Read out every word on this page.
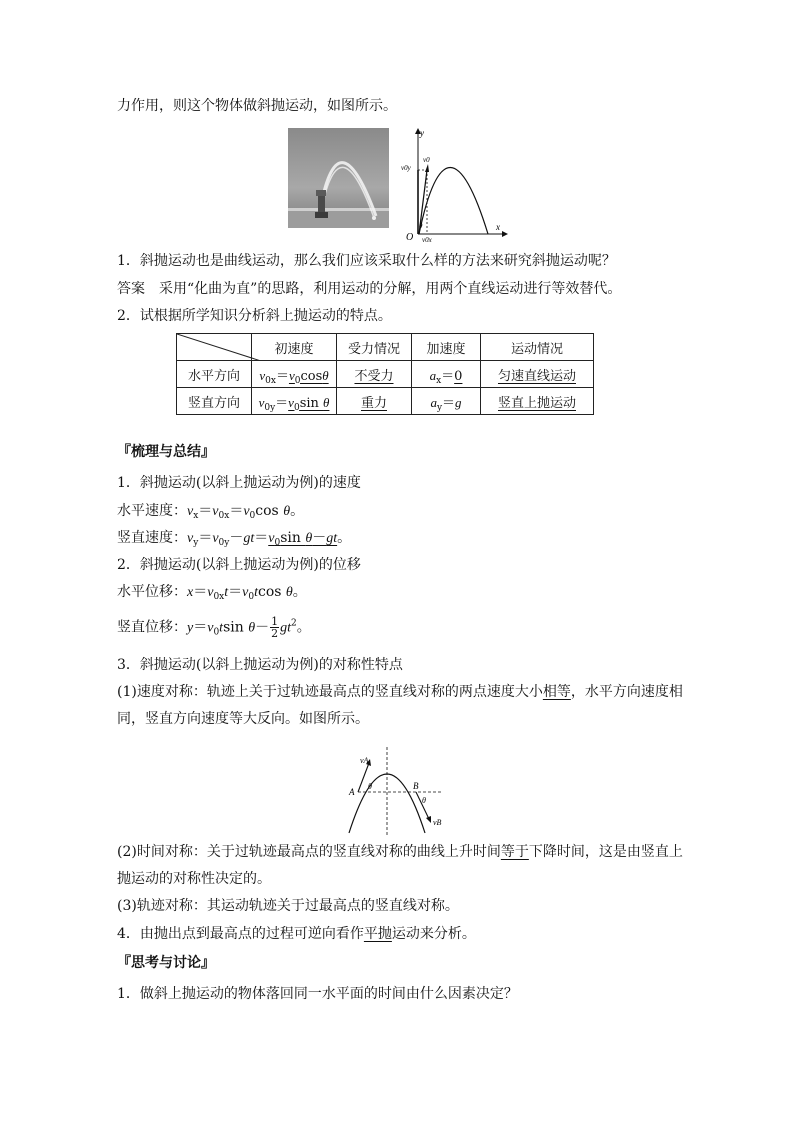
力作用，则这个物体做斜抛运动，如图所示。
y
x
O
v0
v0y
v0x
θ
1．斜抛运动也是曲线运动，那么我们应该采取什么样的方法来研究斜抛运动呢？
答案 采用“化曲为直”的思路，利用运动的分解，用两个直线运动进行等效替代。
2．试根据所学知识分析斜上抛运动的特点。
	初速度	受力情况	加速度	运动情况
水平方向	$v_{0x}=v_0\cos\theta$	不受力	$a_x=0$	匀速直线运动
竖直方向	$v_{0y}=v_0\sin$ θ	重力	$a_y=g$	竖直上抛运动
『梳理与总结』
1．斜抛运动(以斜上抛运动为例)的速度
水平速度：$v_x=v_{0x}=v_0\cos$ θ。
竖直速度：$v_y=v_{0y}-gt=v_0\sin$ θ－gt。
2．斜抛运动(以斜上抛运动为例)的位移
水平位移：$x=v_{0x}t=v_0tcos$ θ。
竖直位移：$y=v_0tsin$ $\theta- \frac{1}{2} gt^2$。
3．斜抛运动(以斜上抛运动为例)的对称性特点
(1)速度对称：轨迹上关于过轨迹最高点的竖直线对称的两点速度大小相等，水平方向速度相
同，竖直方向速度等大反向。如图所示。
vA
A
θ	B
θ
vB
(2)时间对称：关于过轨迹最高点的竖直线对称的曲线上升时间等于下降时间，这是由竖直上
抛运动的对称性决定的。
(3)轨迹对称：其运动轨迹关于过最高点的竖直线对称。
4．由抛出点到最高点的过程可逆向看作平抛运动来分析。
『思考与讨论』
1．做斜上抛运动的物体落回同一水平面的时间由什么因素决定？
